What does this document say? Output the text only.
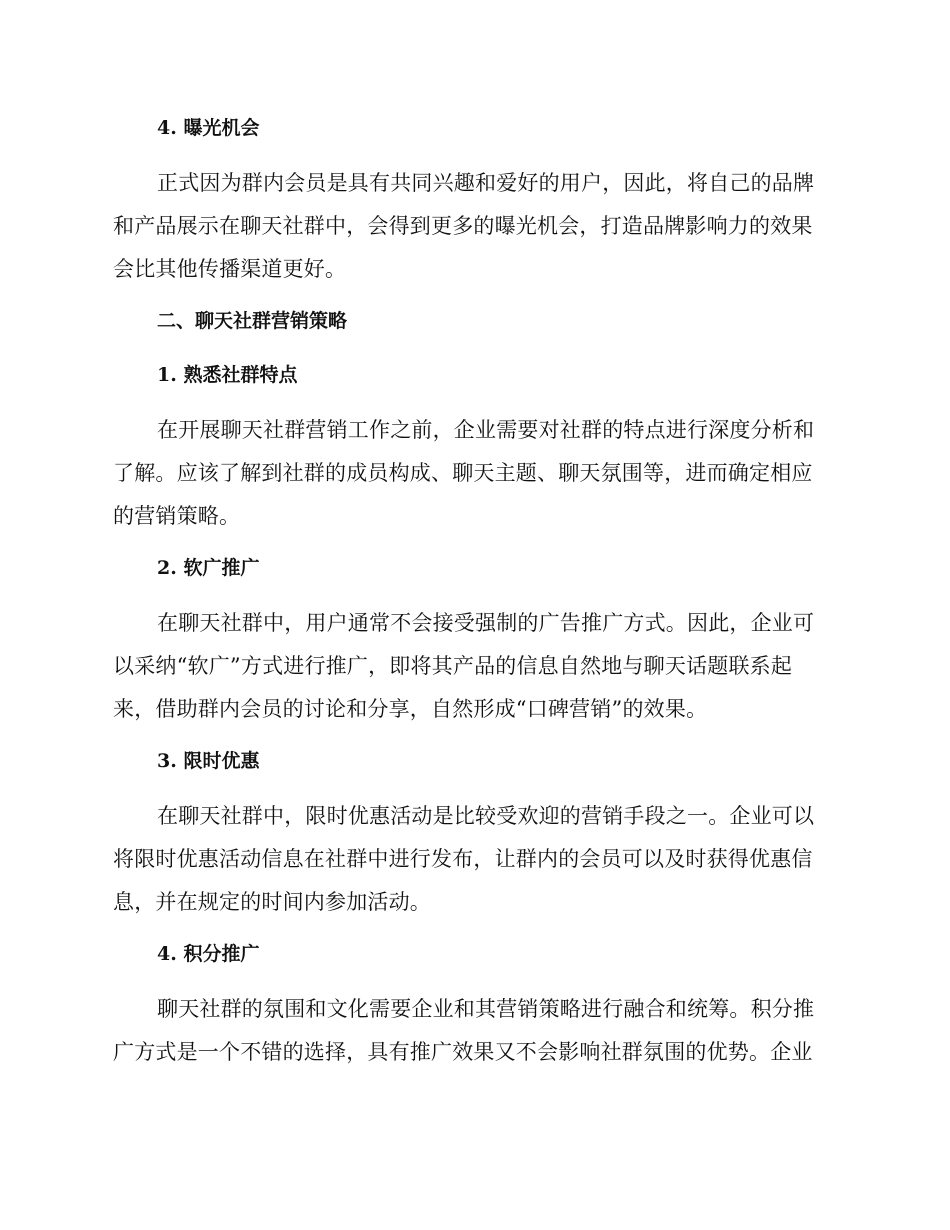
4. 曝光机会
正式因为群内会员是具有共同兴趣和爱好的用户，因此，将自己的品牌
和产品展示在聊天社群中，会得到更多的曝光机会，打造品牌影响力的效果
会比其他传播渠道更好。
二、聊天社群营销策略
1. 熟悉社群特点
在开展聊天社群营销工作之前，企业需要对社群的特点进行深度分析和
了解。应该了解到社群的成员构成、聊天主题、聊天氛围等，进而确定相应
的营销策略。
2. 软广推广
在聊天社群中，用户通常不会接受强制的广告推广方式。因此，企业可
以采纳“软广”方式进行推广，即将其产品的信息自然地与聊天话题联系起
来，借助群内会员的讨论和分享，自然形成“口碑营销”的效果。
3. 限时优惠
在聊天社群中，限时优惠活动是比较受欢迎的营销手段之一。企业可以
将限时优惠活动信息在社群中进行发布，让群内的会员可以及时获得优惠信
息，并在规定的时间内参加活动。
4. 积分推广
聊天社群的氛围和文化需要企业和其营销策略进行融合和统筹。积分推
广方式是一个不错的选择，具有推广效果又不会影响社群氛围的优势。企业
